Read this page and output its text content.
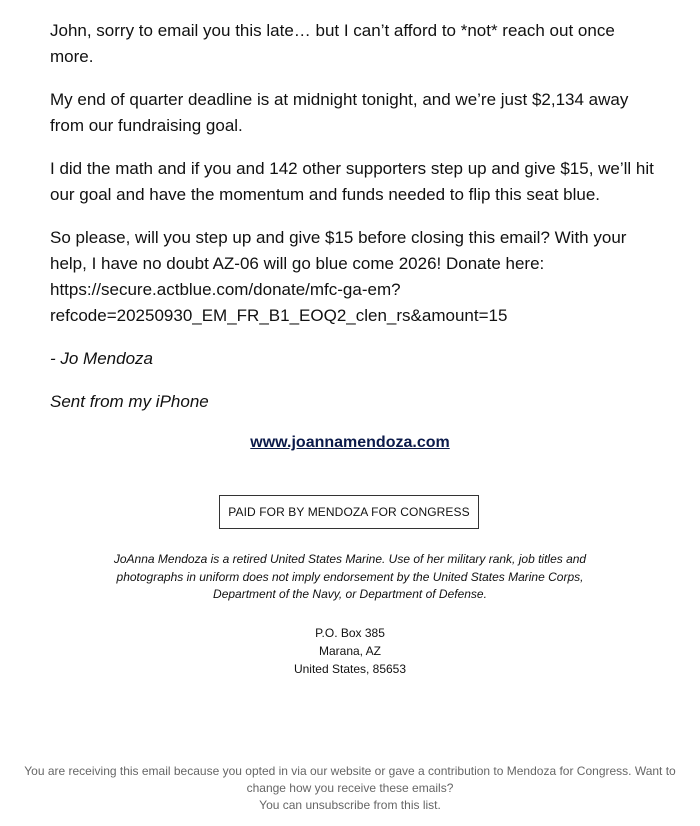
John, sorry to email you this late… but I can’t afford to *not* reach out once more.

My end of quarter deadline is at midnight tonight, and we’re just $2,134 away from our fundraising goal.

I did the math and if you and 142 other supporters step up and give $15, we’ll hit our goal and have the momentum and funds needed to flip this seat blue.

So please, will you step up and give $15 before closing this email? With your help, I have no doubt AZ-06 will go blue come 2026! Donate here:
https://secure.actblue.com/donate/mfc-ga-em?
refcode=20250930_EM_FR_B1_EOQ2_clen_rs&amount=15

- Jo Mendoza

Sent from my iPhone

www.joannamendoza.com
PAID FOR BY MENDOZA FOR CONGRESS
JoAnna Mendoza is a retired United States Marine. Use of her military rank, job titles and photographs in uniform does not imply endorsement by the United States Marine Corps, Department of the Navy, or Department of Defense.
P.O. Box 385
Marana, AZ
United States, 85653
You are receiving this email because you opted in via our website or gave a contribution to Mendoza for Congress. Want to change how you receive these emails?
You can unsubscribe from this list.
